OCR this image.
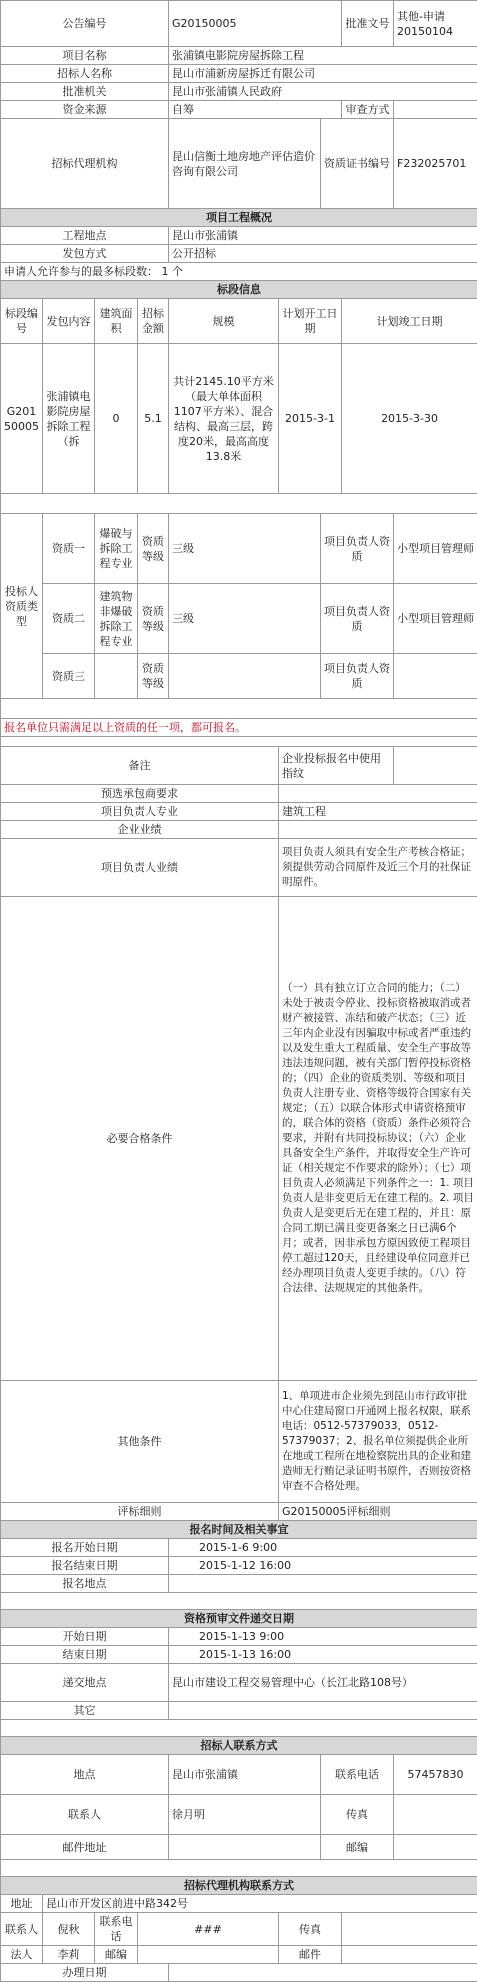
公告编号				G20150005			批准文号	其他-申请20150104
项目名称				张浦镇电影院房屋拆除工程				
招标人名称				昆山市浦新房屋拆迁有限公司				
批准机关				昆山市张浦镇人民政府				
资金来源				自筹			审查方式	
招标代理机构				昆山信衡土地房地产评估造价咨询有限公司		资质证书编号		F232025701
项目工程概况								
工程地点				昆山市张浦镇				
发包方式				公开招标				
申请人允许参与的最多标段数： 1 个								
标段信息								
标段编号	发包内容	建筑面积	招标金额	规模	计划开工日期		计划竣工日期	
G20150005	张浦镇电影院房屋拆除工程（拆	0	5.1	共计2145.10平方米（最大单体面积1107平方米）、混合结构、最高三层，跨度20米，最高高度13.8米	2015-3-1		2015-3-30	

投标人资质类型	资质一	爆破与拆除工程专业	资质等级	三级		项目负责人资质		小型项目管理师
	资质二	建筑物非爆破拆除工程专业	资质等级	三级		项目负责人资质		小型项目管理师
	资质三		资质等级			项目负责人资质		

报名单位只需满足以上资质的任一项，都可报名。								

备注					企业投标报名中使用指纹			
预选承包商要求								
项目负责人专业					建筑工程			
企业业绩								
项目负责人业绩					项目负责人须具有安全生产考核合格证；须提供劳动合同原件及近三个月的社保证明原件。			
必要合格条件					（一）具有独立订立合同的能力；（二）未处于被责令停业、投标资格被取消或者财产被接管、冻结和破产状态；（三）近三年内企业没有因骗取中标或者严重违约以及发生重大工程质量、安全生产事故等违法违规问题，被有关部门暂停投标资格的；（四）企业的资质类别、等级和项目负责人注册专业、资格等级符合国家有关规定；（五）以联合体形式申请资格预审的，联合体的资格（资质）条件必须符合要求，并附有共同投标协议；（六）企业具备安全生产条件，并取得安全生产许可证（相关规定不作要求的除外）；（七）项目负责人必须满足下列条件之一：1. 项目负责人是非变更后无在建工程的。2. 项目负责人是变更后无在建工程的，并且：原合同工期已满且变更备案之日已满6个月；或者，因非承包方原因致使工程项目停工超过120天，且经建设单位同意并已经办理项目负责人变更手续的。（八）符合法律、法规规定的其他条件。			
其他条件					1、单项进市企业须先到昆山市行政审批中心住建局窗口开通网上报名权限，联系电话：0512-57379033，0512-57379037；2、报名单位须提供企业所在地或工程所在地检察院出具的企业和建造师无行贿记录证明书原件，否则按资格审查不合格处理。			
评标细则					G20150005评标细则			
报名时间及相关事宜								
报名开始日期				2015-1-6 9:00				
报名结束日期				2015-1-12 16:00				
报名地点								

资格预审文件递交日期								
开始日期				2015-1-13 9:00				
结束日期				2015-1-13 16:00				
递交地点				昆山市建设工程交易管理中心（长江北路108号）				
其它								

招标人联系方式								
地点				昆山市张浦镇		联系电话		57457830
联系人				徐月明		传真		
邮件地址						邮编		

招标代理机构联系方式								
地址	昆山市开发区前进中路342号							
联系人	倪秋	联系电话	###		传真			
法人	李莉	邮编			邮件			
办理日期								
